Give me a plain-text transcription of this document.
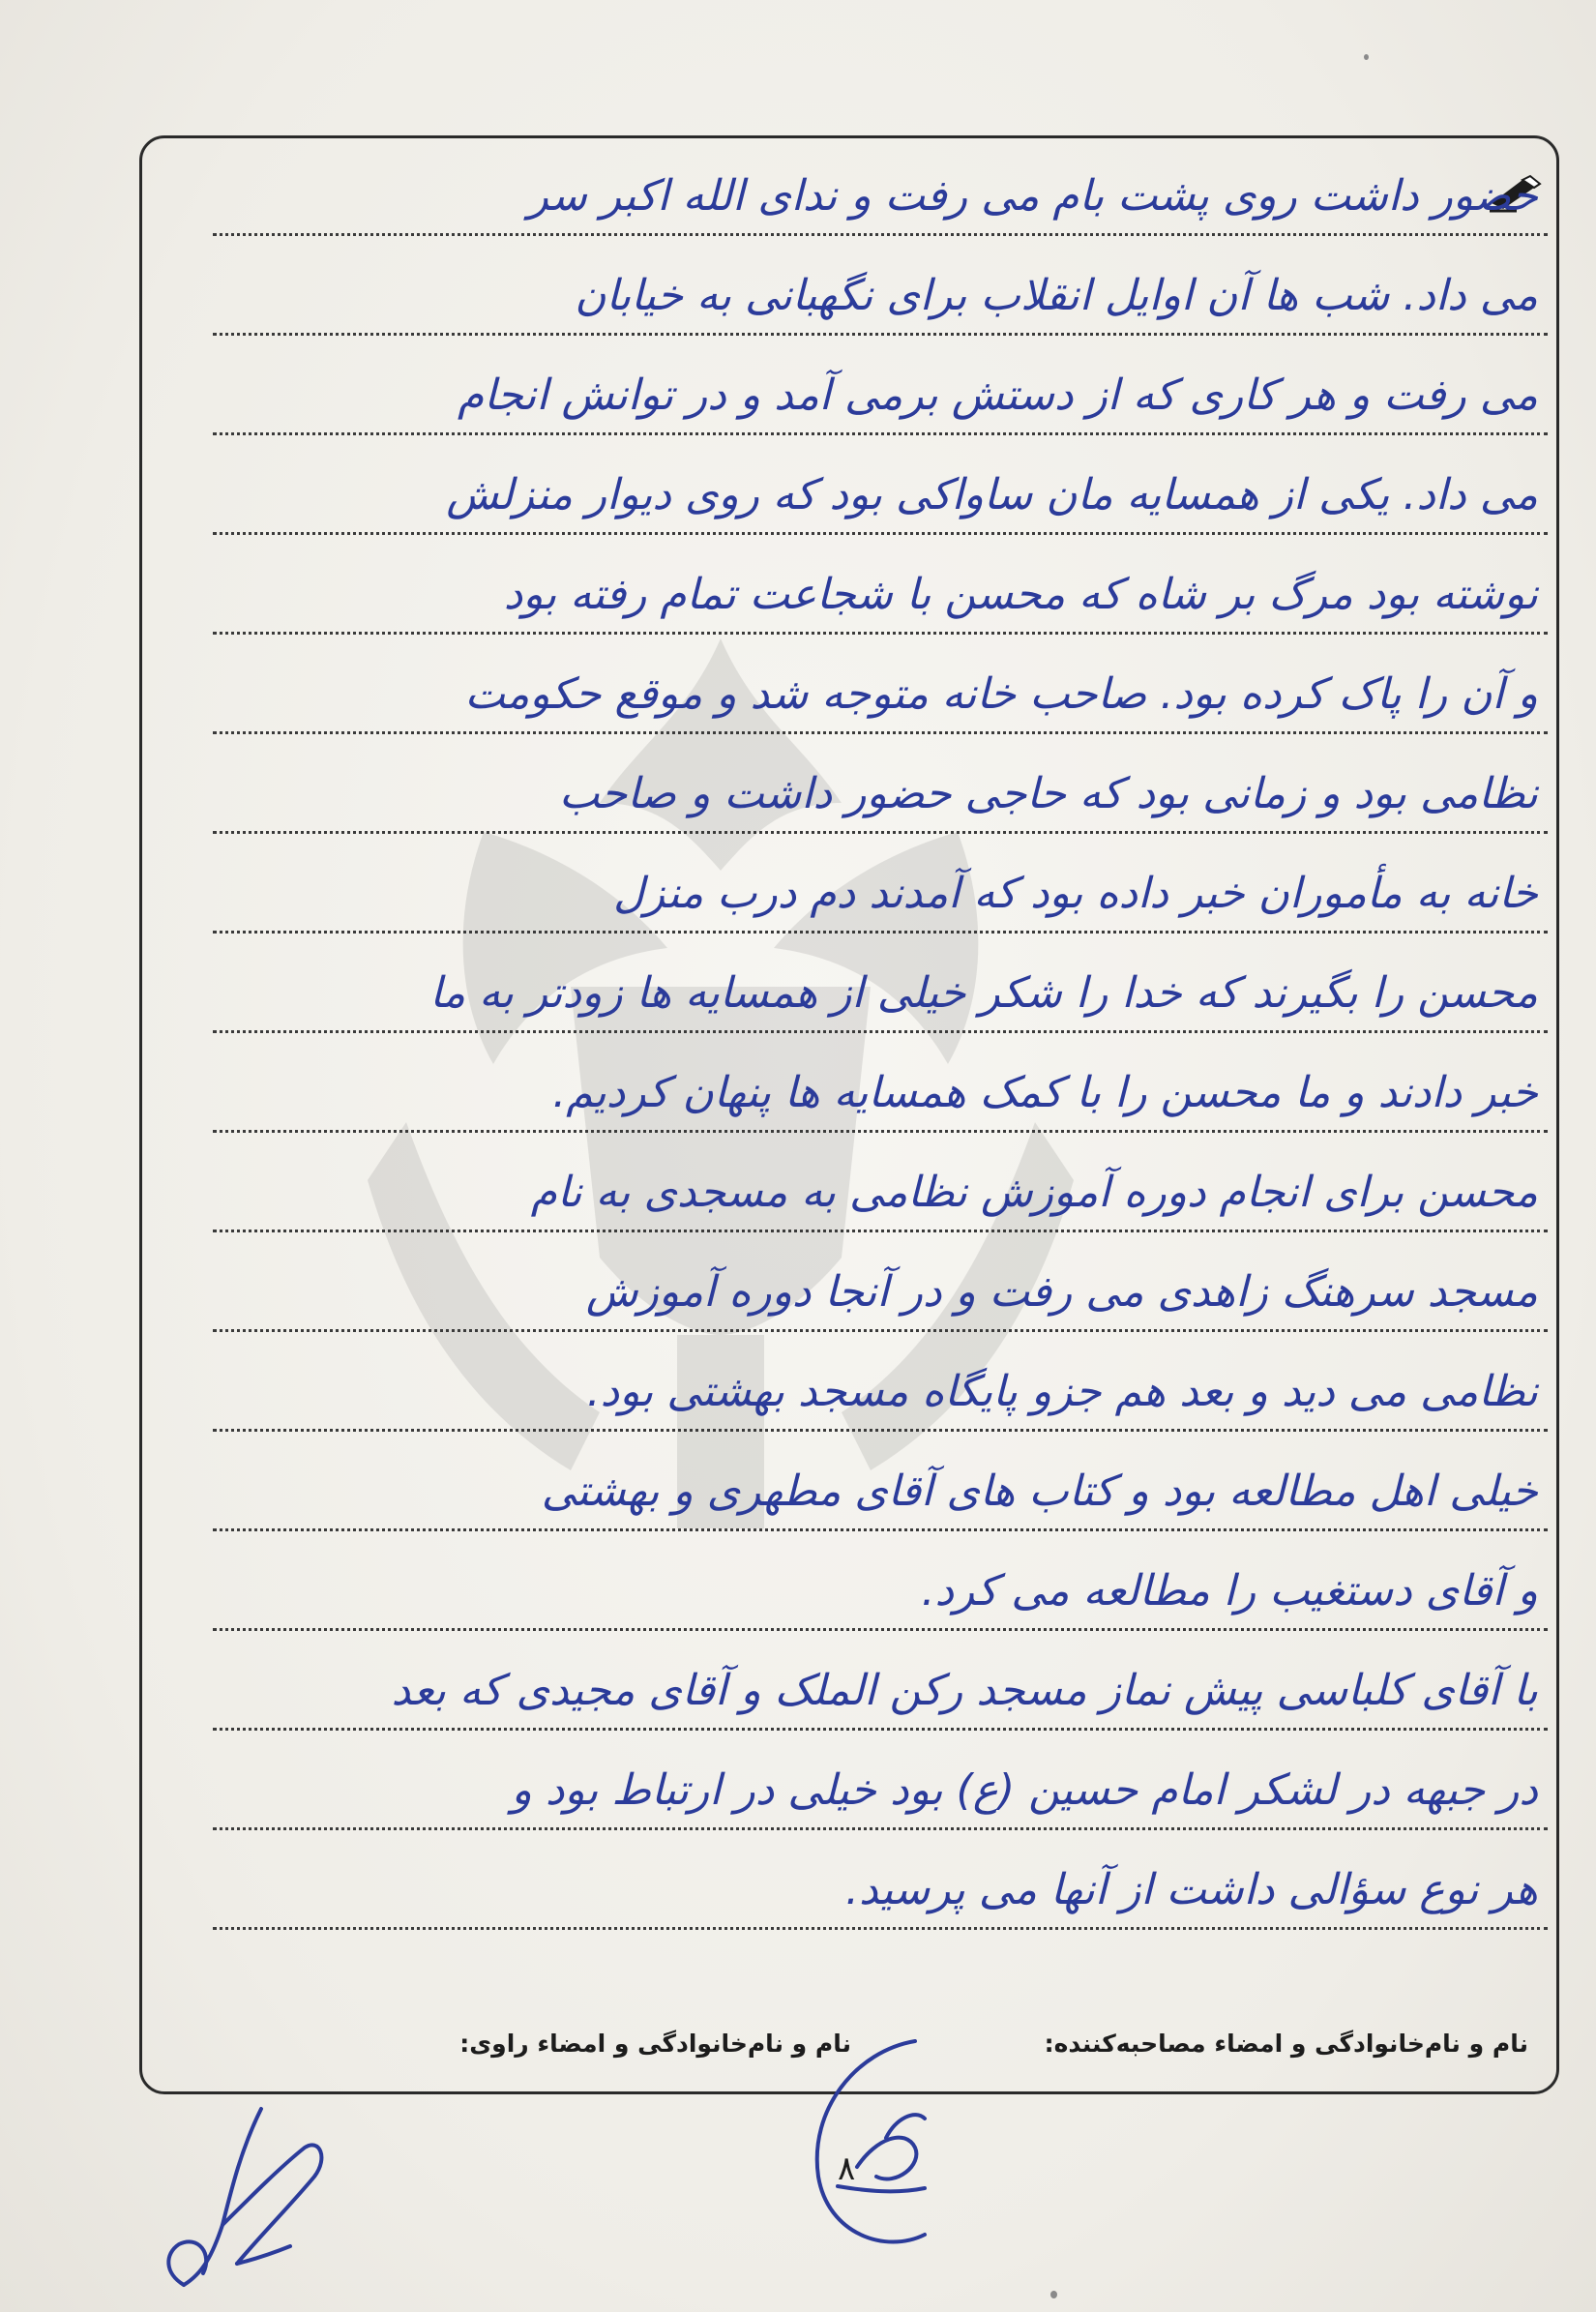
حضور داشت روی پشت بام می رفت و ندای الله اکبر سر
می داد. شب ها آن اوایل انقلاب برای نگهبانی به خیابان
می رفت و هر کاری که از دستش برمی آمد و در توانش انجام
می داد. یکی از همسایه مان ساواکی بود که روی دیوار منزلش
نوشته بود مرگ بر شاه که محسن با شجاعت تمام رفته بود
و آن را پاک کرده بود. صاحب خانه متوجه شد و موقع حکومت
نظامی بود و زمانی بود که حاجی حضور داشت و صاحب
خانه به مأموران خبر داده بود که آمدند دم درب منزل
محسن را بگیرند که خدا را شکر خیلی از همسایه ها زودتر به ما
خبر دادند و ما محسن را با کمک همسایه ها پنهان کردیم.
محسن برای انجام دوره آموزش نظامی به مسجدی به نام
مسجد سرهنگ زاهدی می رفت و در آنجا دوره آموزش
نظامی می دید و بعد هم جزو پایگاه مسجد بهشتی بود.
خیلی اهل مطالعه بود و کتاب های آقای مطهری و بهشتی
و آقای دستغیب را مطالعه می کرد.
با آقای کلباسی پیش نماز مسجد رکن الملک و آقای مجیدی که بعد
در جبهه در لشکر امام حسین (ع) بود خیلی در ارتباط بود و
هر نوع سؤالی داشت از آنها می پرسید.
نام و نام‌خانوادگی و امضاء مصاحبه‌کننده:
نام و نام‌خانوادگی و امضاء راوی:
۸
